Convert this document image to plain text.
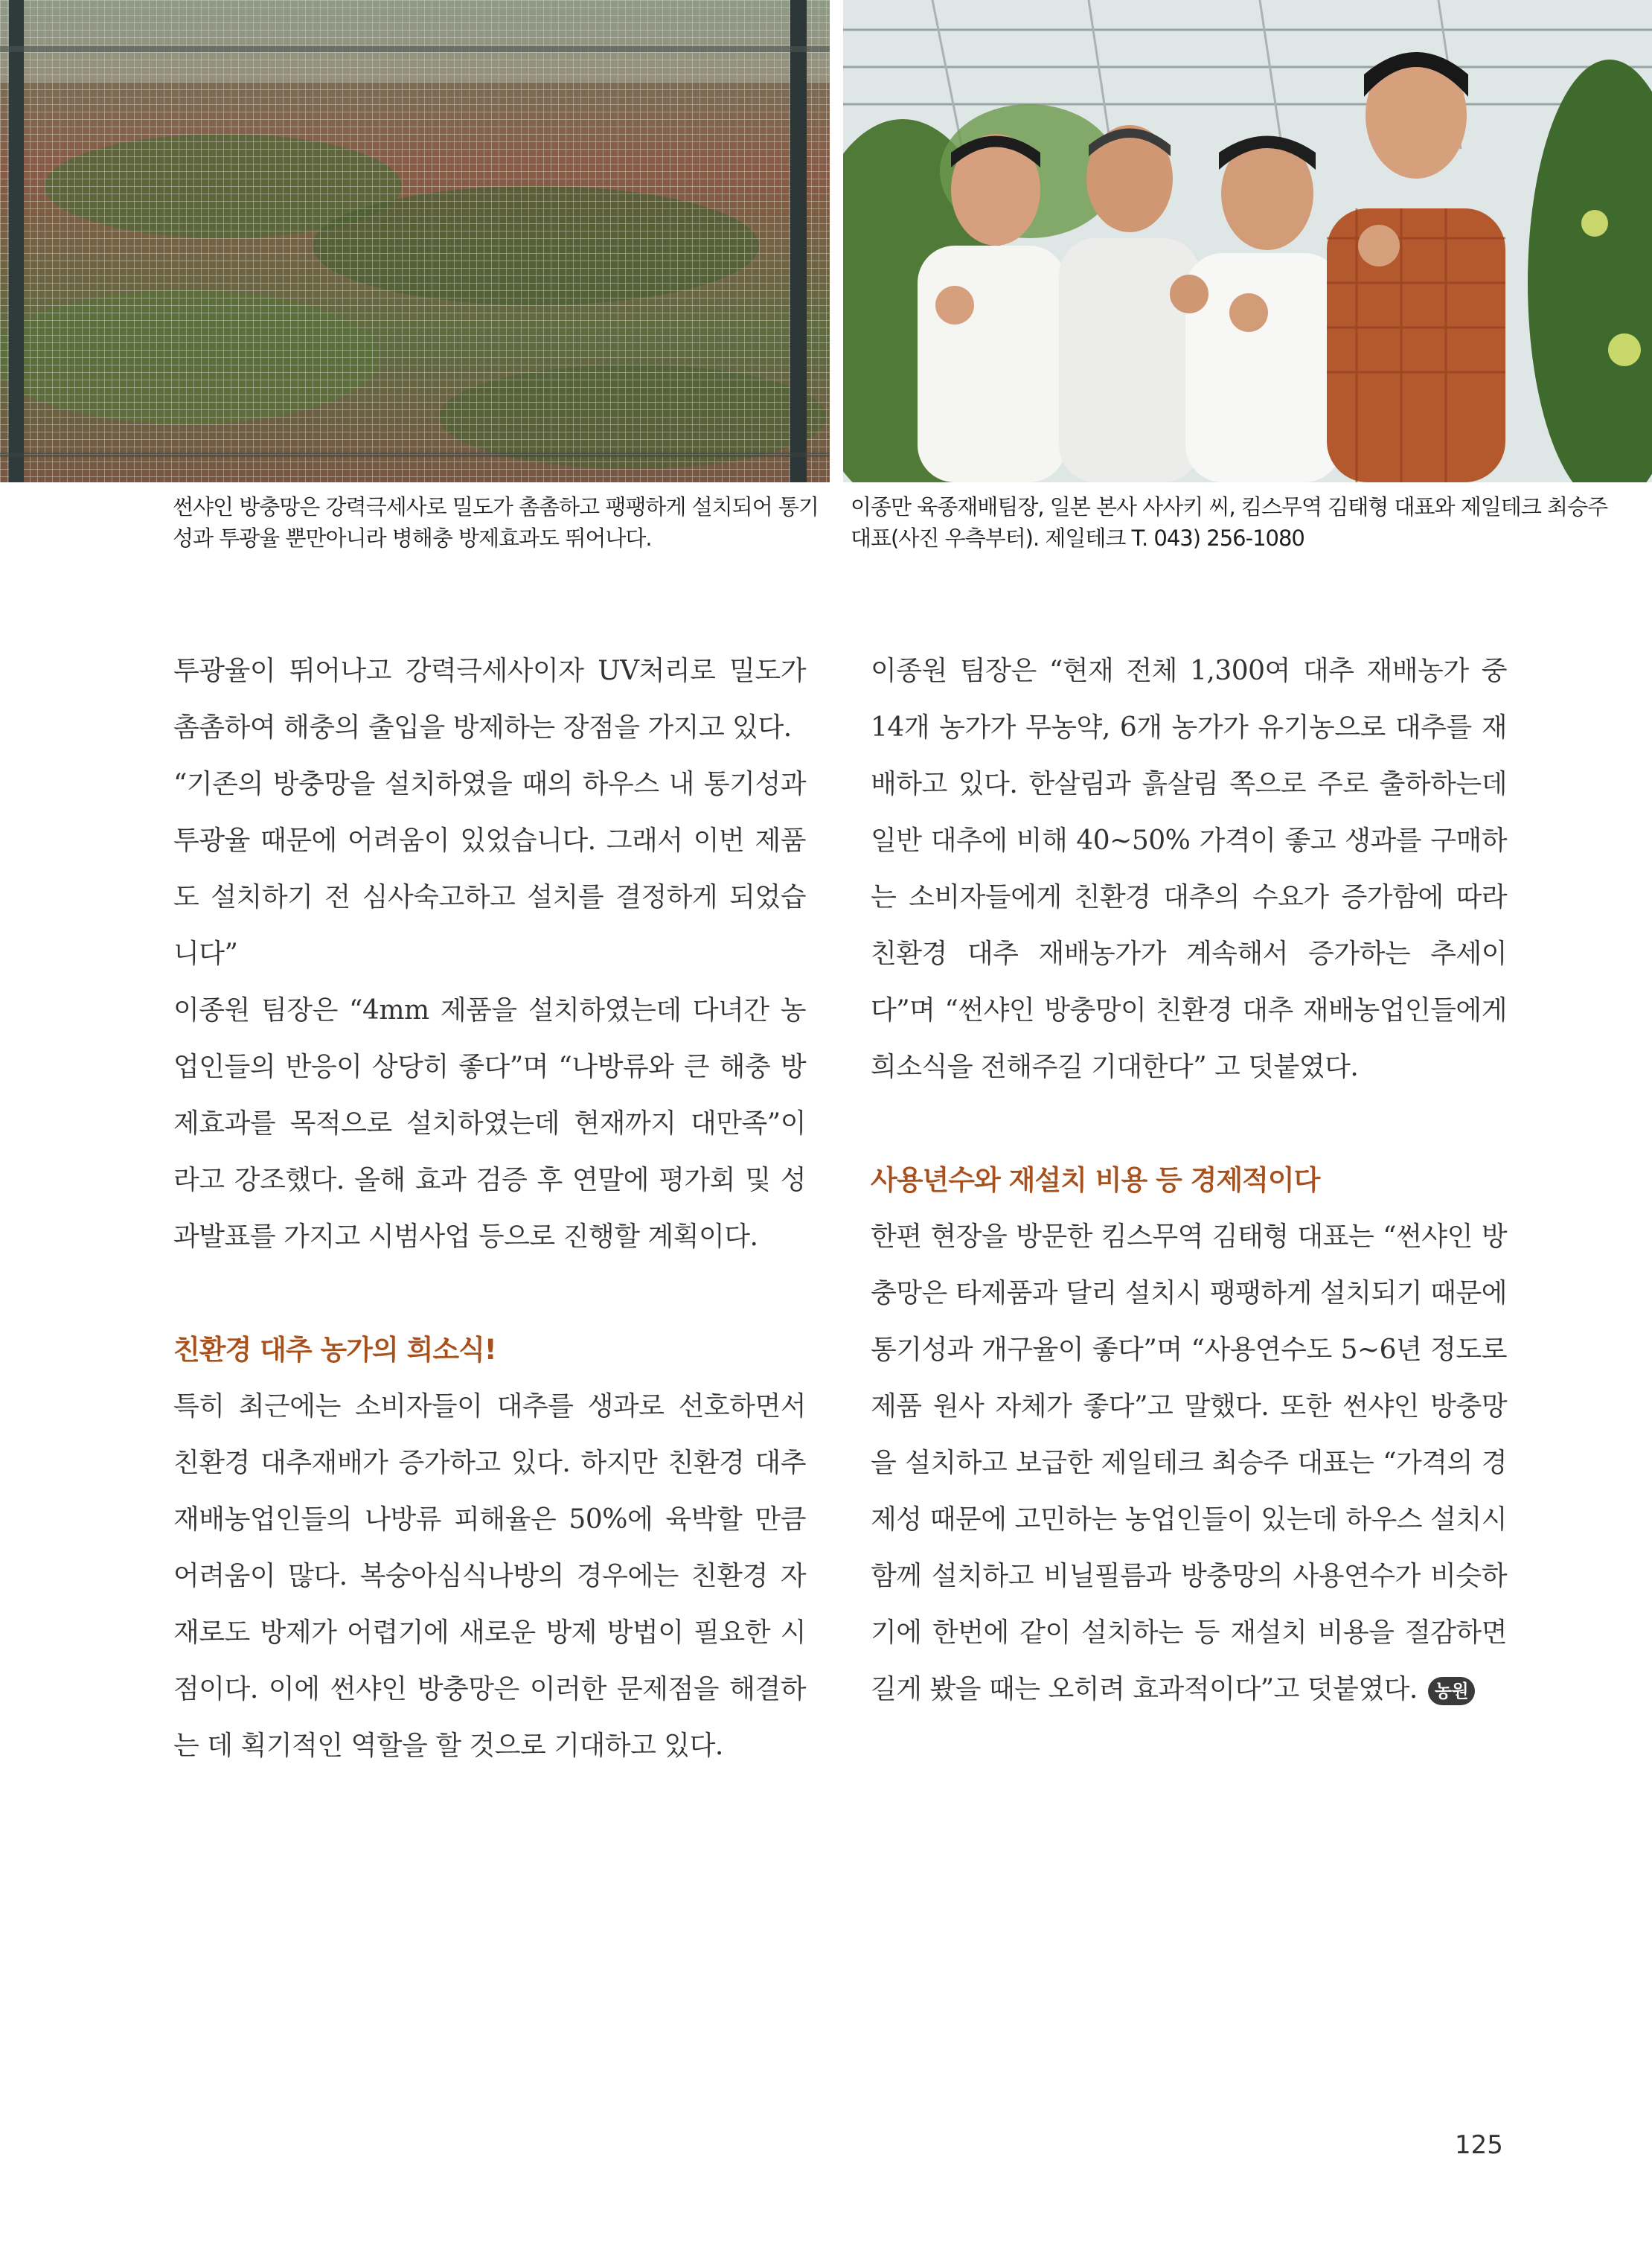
썬샤인 방충망은 강력극세사로 밀도가 촘촘하고 팽팽하게 설치되어 통기성과 투광율 뿐만아니라 병해충 방제효과도 뛰어나다.
이종만 육종재배팀장, 일본 본사 사사키 씨, 킴스무역 김태형 대표와 제일테크 최승주 대표(사진 우측부터). 제일테크 T. 043) 256-1080

투광율이 뛰어나고 강력극세사이자 UV처리로 밀도가 촘촘하여 해충의 출입을 방제하는 장점을 가지고 있다.

“기존의 방충망을 설치하였을 때의 하우스 내 통기성과 투광율 때문에 어려움이 있었습니다. 그래서 이번 제품도 설치하기 전 심사숙고하고 설치를 결정하게 되었습니다”

이종원 팀장은 “4mm 제품을 설치하였는데 다녀간 농업인들의 반응이 상당히 좋다”며 “나방류와 큰 해충 방제효과를 목적으로 설치하였는데 현재까지 대만족”이라고 강조했다. 올해 효과 검증 후 연말에 평가회 및 성과발표를 가지고 시범사업 등으로 진행할 계획이다.

친환경 대추 농가의 희소식!

특히 최근에는 소비자들이 대추를 생과로 선호하면서 친환경 대추재배가 증가하고 있다. 하지만 친환경 대추재배농업인들의 나방류 피해율은 50%에 육박할 만큼 어려움이 많다. 복숭아심식나방의 경우에는 친환경 자재로도 방제가 어렵기에 새로운 방제 방법이 필요한 시점이다. 이에 썬샤인 방충망은 이러한 문제점을 해결하는 데 획기적인 역할을 할 것으로 기대하고 있다.

이종원 팀장은 “현재 전체 1,300여 대추 재배농가 중 14개 농가가 무농약, 6개 농가가 유기농으로 대추를 재배하고 있다. 한살림과 흙살림 쪽으로 주로 출하하는데 일반 대추에 비해 40~50% 가격이 좋고 생과를 구매하는 소비자들에게 친환경 대추의 수요가 증가함에 따라 친환경 대추 재배농가가 계속해서 증가하는 추세이다”며 “썬샤인 방충망이 친환경 대추 재배농업인들에게 희소식을 전해주길 기대한다” 고 덧붙였다.

사용년수와 재설치 비용 등 경제적이다

한편 현장을 방문한 킴스무역 김태형 대표는 “썬샤인 방충망은 타제품과 달리 설치시 팽팽하게 설치되기 때문에 통기성과 개구율이 좋다”며 “사용연수도 5~6년 정도로 제품 원사 자체가 좋다”고 말했다. 또한 썬샤인 방충망을 설치하고 보급한 제일테크 최승주 대표는 “가격의 경제성 때문에 고민하는 농업인들이 있는데 하우스 설치시 함께 설치하고 비닐필름과 방충망의 사용연수가 비슷하기에 한번에 같이 설치하는 등 재설치 비용을 절감하면 길게 봤을 때는 오히려 효과적이다”고 덧붙였다. 농원

125
